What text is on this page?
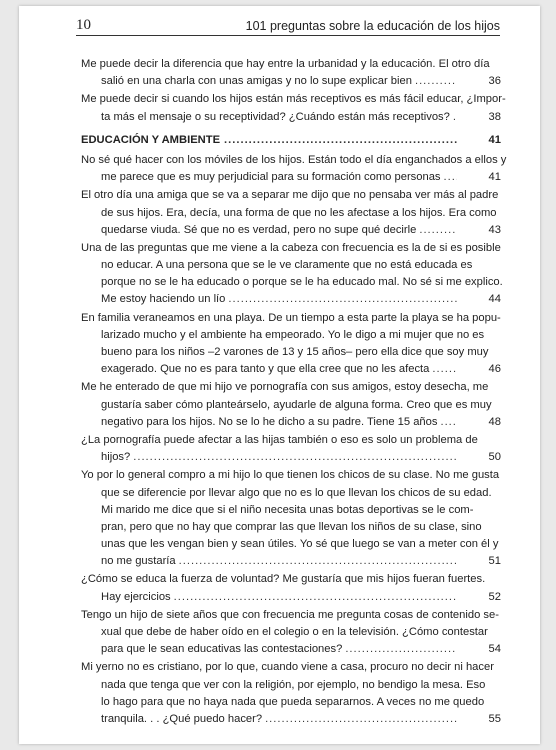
10	101 preguntas sobre la educación de los hijos
Me puede decir la diferencia que hay entre la urbanidad y la educación. El otro día
salió en una charla con unas amigas y no lo supe explicar bien .....	36
Me puede decir si cuando los hijos están más receptivos es más fácil educar, ¿Impor-
ta más el mensaje o su receptividad? ¿Cuándo están más receptivos? .....	38
EDUCACIÓN Y AMBIENTE .....	41
No sé qué hacer con los móviles de los hijos. Están todo el día enganchados a ellos y
me parece que es muy perjudicial para su formación como personas .....	41
El otro día una amiga que se va a separar me dijo que no pensaba ver más al padre
de sus hijos. Era, decía, una forma de que no les afectase a los hijos. Era como
quedarse viuda. Sé que no es verdad, pero no supe qué decirle .....	43
Una de las preguntas que me viene a la cabeza con frecuencia es la de si es posible
no educar. A una persona que se le ve claramente que no está educada es
porque no se le ha educado o porque se le ha educado mal. No sé si me explico.
Me estoy haciendo un lío .....	44
En familia veraneamos en una playa. De un tiempo a esta parte la playa se ha popu-
larizado mucho y el ambiente ha empeorado. Yo le digo a mi mujer que no es
bueno para los niños –2 varones de 13 y 15 años– pero ella dice que soy muy
exagerado. Que no es para tanto y que ella cree que no les afecta .....	46
Me he enterado de que mi hijo ve pornografía con sus amigos, estoy desecha, me
gustaría saber cómo planteárselo, ayudarle de alguna forma. Creo que es muy
negativo para los hijos. No se lo he dicho a su padre. Tiene 15 años .....	48
¿La pornografía puede afectar a las hijas también o eso es solo un problema de
hijos? .....	50
Yo por lo general compro a mi hijo lo que tienen los chicos de su clase. No me gusta
que se diferencie por llevar algo que no es lo que llevan los chicos de su edad.
Mi marido me dice que si el niño necesita unas botas deportivas se le com-
pran, pero que no hay que comprar las que llevan los niños de su clase, sino
unas que les vengan bien y sean útiles. Yo sé que luego se van a meter con él y
no me gustaría .....	51
¿Cómo se educa la fuerza de voluntad? Me gustaría que mis hijos fueran fuertes.
Hay ejercicios .....	52
Tengo un hijo de siete años que con frecuencia me pregunta cosas de contenido se-
xual que debe de haber oído en el colegio o en la televisión. ¿Cómo contestar
para que le sean educativas las contestaciones? .....	54
Mi yerno no es cristiano, por lo que, cuando viene a casa, procuro no decir ni hacer
nada que tenga que ver con la religión, por ejemplo, no bendigo la mesa. Eso
lo hago para que no haya nada que pueda separarnos. A veces no me quedo
tranquila. . . ¿Qué puedo hacer? .....	55
